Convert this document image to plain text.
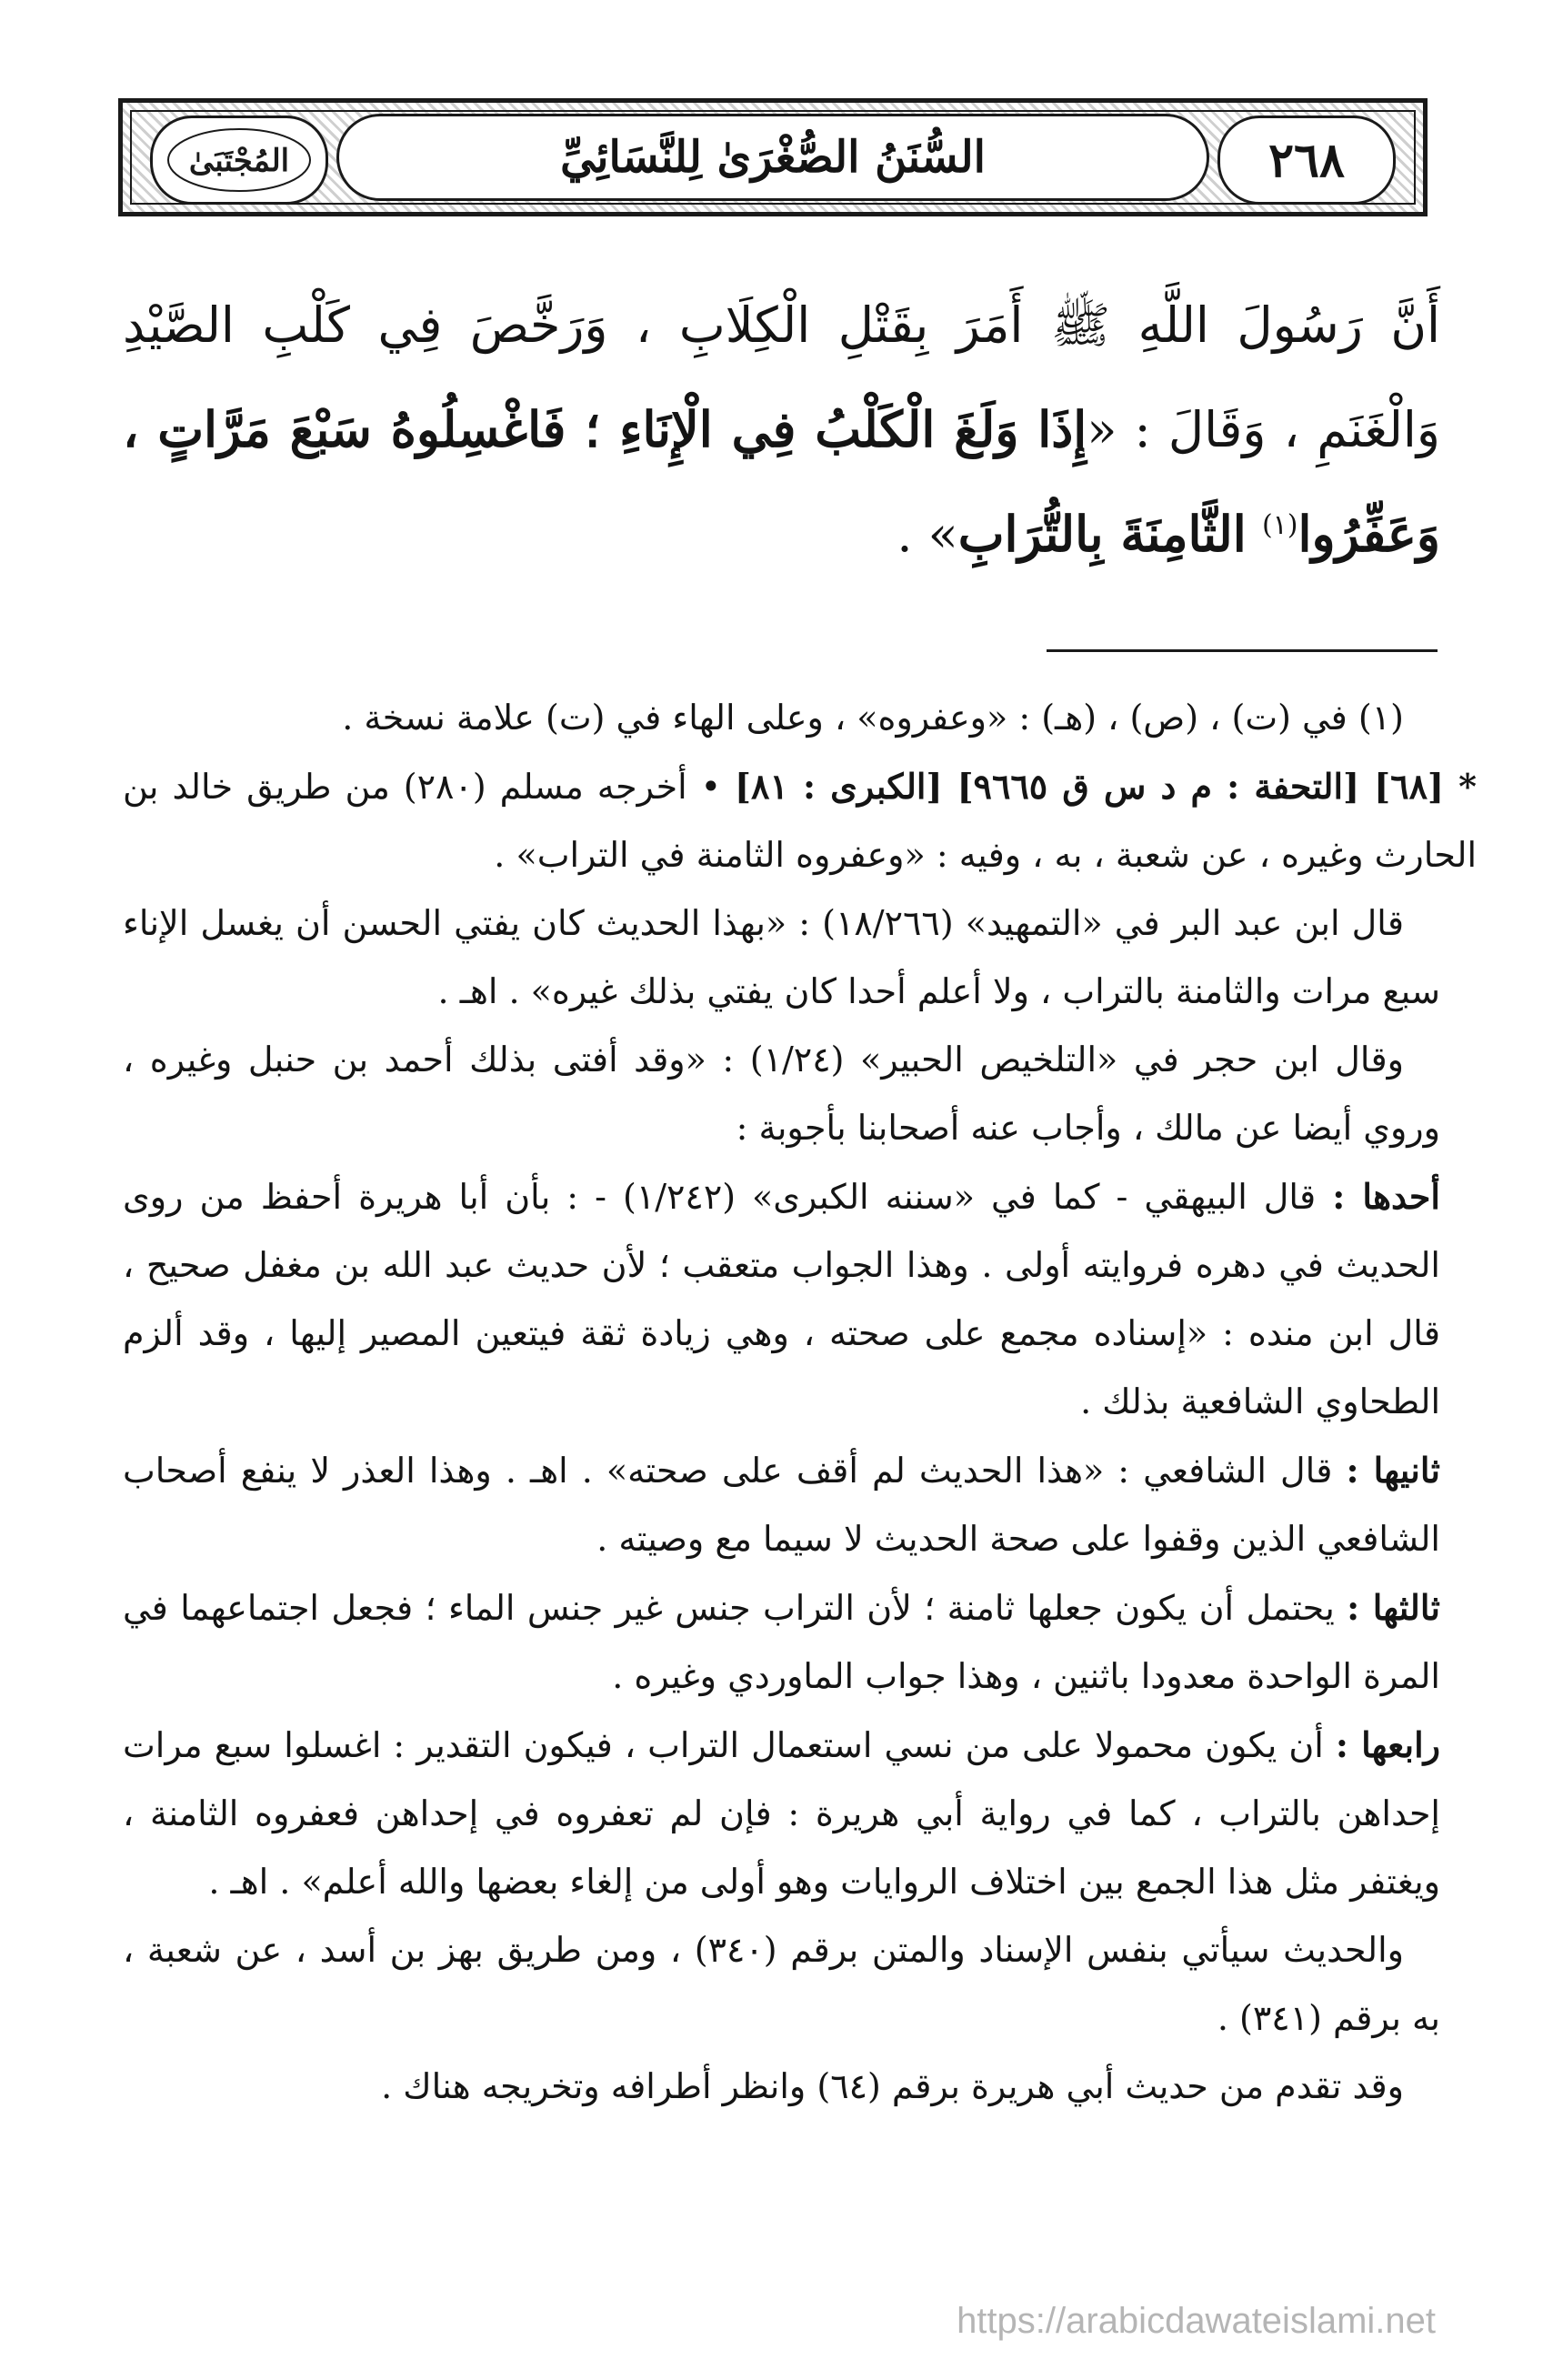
المُجْتَبَىٰ	السُّنَنُ الصُّغْرَىٰ لِلنَّسَائِيِّ	٢٦٨
أَنَّ رَسُولَ اللَّهِ ﷺ أَمَرَ بِقَتْلِ الْكِلَابِ ، وَرَخَّصَ فِي كَلْبِ الصَّيْدِ وَالْغَنَمِ ، وَقَالَ : «إِذَا وَلَغَ الْكَلْبُ فِي الْإِنَاءِ ؛ فَاغْسِلُوهُ سَبْعَ مَرَّاتٍ ، وَعَفِّرُوا$^{(١)}$ الثَّامِنَةَ بِالتُّرَابِ» .

(١) في (ت) ، (ص) ، (هـ) : «وعفروه» ، وعلى الهاء في (ت) علامة نسخة .

* [٦٨] [التحفة : م د س ق ٩٦٦٥] [الكبرى : ٨١] • أخرجه مسلم (٢٨٠) من طريق خالد بن الحارث وغيره ، عن شعبة ، به ، وفيه : «وعفروه الثامنة في التراب» .

قال ابن عبد البر في «التمهيد» (١٨/٢٦٦) : «بهذا الحديث كان يفتي الحسن أن يغسل الإناء سبع مرات والثامنة بالتراب ، ولا أعلم أحدا كان يفتي بذلك غيره» . اهـ .

وقال ابن حجر في «التلخيص الحبير» (١/٢٤) : «وقد أفتى بذلك أحمد بن حنبل وغيره ، وروي أيضا عن مالك ، وأجاب عنه أصحابنا بأجوبة :

أحدها : قال البيهقي - كما في «سننه الكبرى» (١/٢٤٢) - : بأن أبا هريرة أحفظ من روى الحديث في دهره فروايته أولى . وهذا الجواب متعقب ؛ لأن حديث عبد الله بن مغفل صحيح ، قال ابن منده : «إسناده مجمع على صحته ، وهي زيادة ثقة فيتعين المصير إليها ، وقد ألزم الطحاوي الشافعية بذلك .

ثانيها : قال الشافعي : «هذا الحديث لم أقف على صحته» . اهـ . وهذا العذر لا ينفع أصحاب الشافعي الذين وقفوا على صحة الحديث لا سيما مع وصيته .

ثالثها : يحتمل أن يكون جعلها ثامنة ؛ لأن التراب جنس غير جنس الماء ؛ فجعل اجتماعهما في المرة الواحدة معدودا باثنين ، وهذا جواب الماوردي وغيره .

رابعها : أن يكون محمولا على من نسي استعمال التراب ، فيكون التقدير : اغسلوا سبع مرات إحداهن بالتراب ، كما في رواية أبي هريرة : فإن لم تعفروه في إحداهن فعفروه الثامنة ، ويغتفر مثل هذا الجمع بين اختلاف الروايات وهو أولى من إلغاء بعضها والله أعلم» . اهـ .

والحديث سيأتي بنفس الإسناد والمتن برقم (٣٤٠) ، ومن طريق بهز بن أسد ، عن شعبة ، به برقم (٣٤١) .

وقد تقدم من حديث أبي هريرة برقم (٦٤) وانظر أطرافه وتخريجه هناك .

https://arabicdawateislami.net
